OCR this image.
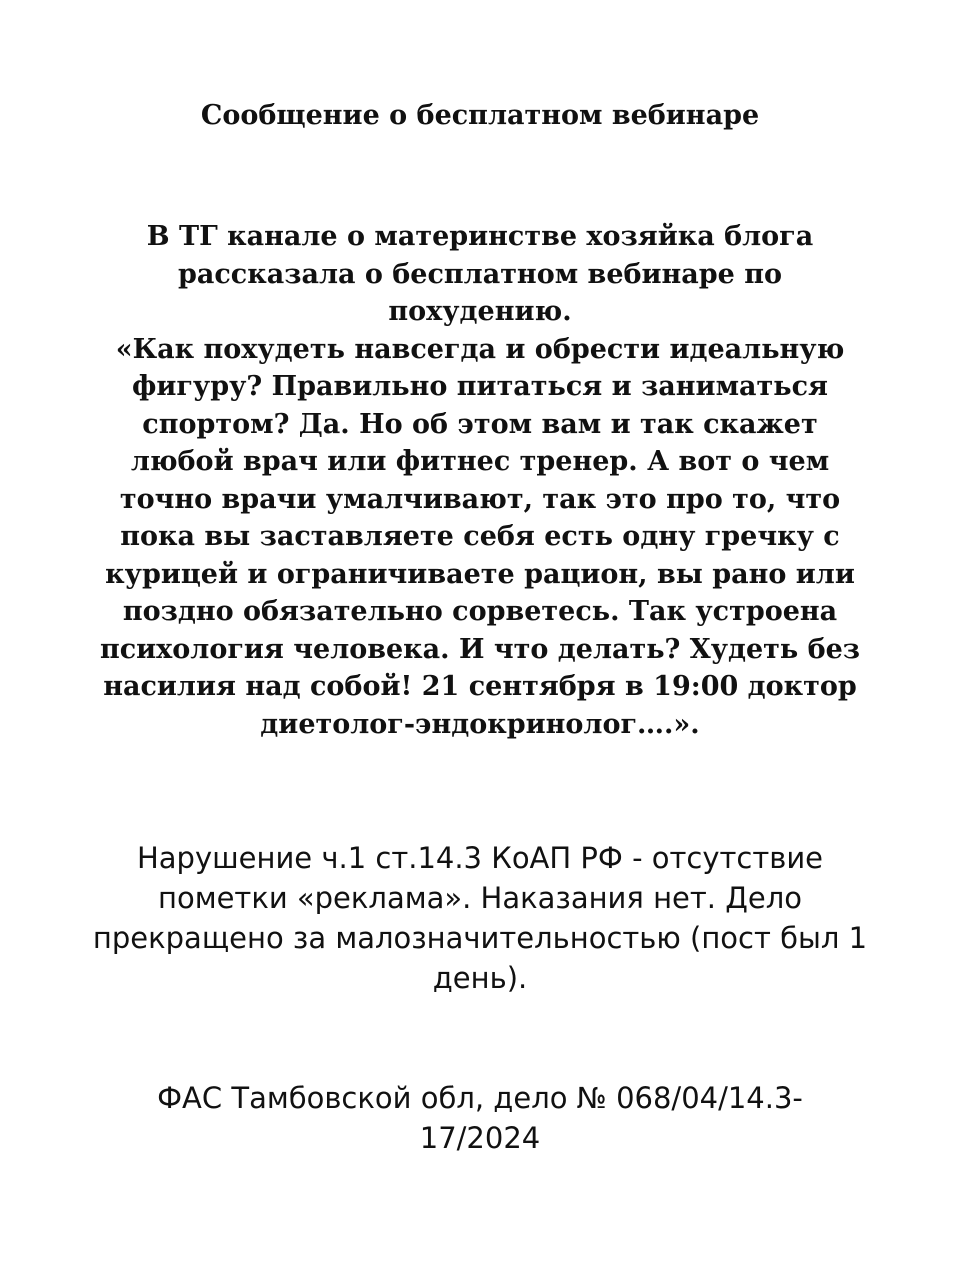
Сообщение о бесплатном вебинаре

В ТГ канале о материнстве хозяйка блога рассказала о бесплатном вебинаре по похудению.

«Как похудеть навсегда и обрести идеальную фигуру? Правильно питаться и заниматься спортом? Да. Но об этом вам и так скажет любой врач или фитнес тренер. А вот о чем точно врачи умалчивают, так это про то, что пока вы заставляете себя есть одну гречку с курицей и ограничиваете рацион, вы рано или поздно обязательно сорветесь. Так устроена психология человека. И что делать? Худеть без насилия над собой! 21 сентября в 19:00 доктор диетолог-эндокринолог….».

Нарушение ч.1 ст.14.3 КоАП РФ - отсутствие пометки «реклама». Наказания нет. Дело прекращено за малозначительностью (пост был 1 день).

ФАС Тамбовской обл, дело № 068/04/14.3-17/2024
